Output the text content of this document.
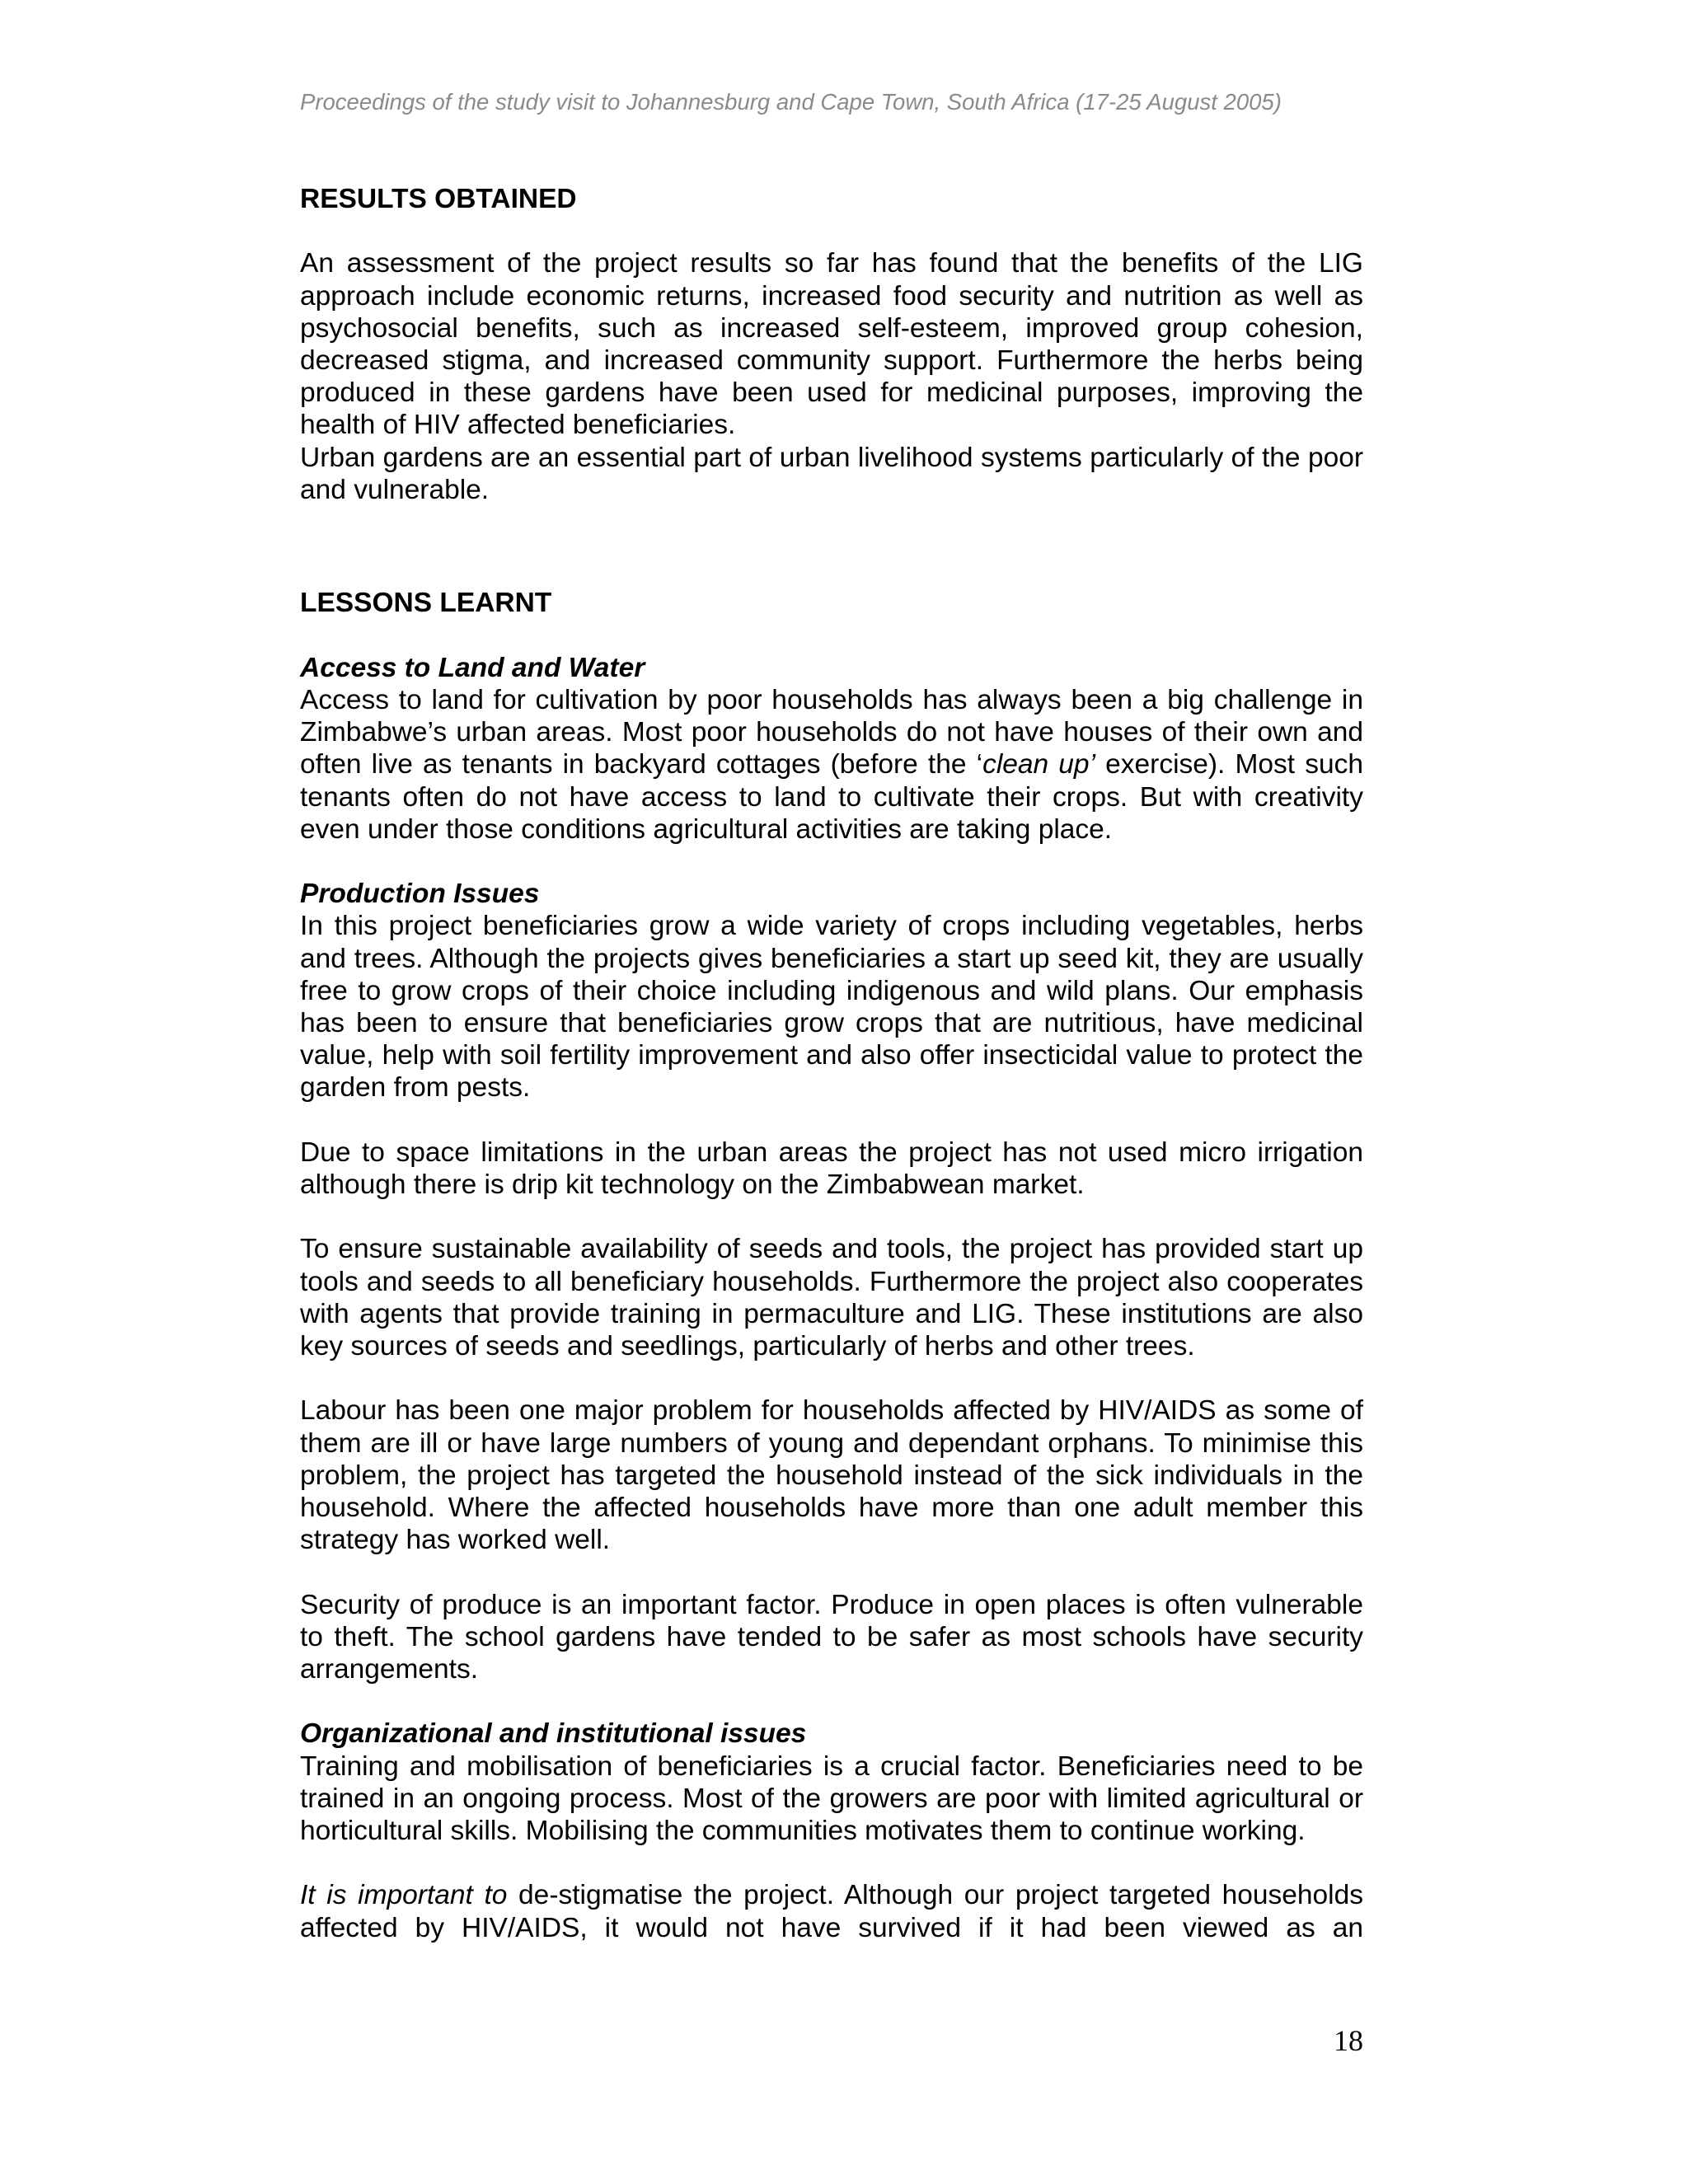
Proceedings of the study visit to Johannesburg and Cape Town, South Africa (17-25 August 2005)

RESULTS OBTAINED

An assessment of the project results so far has found that the benefits of the LIG approach include economic returns, increased food security and nutrition as well as psychosocial benefits, such as increased self-esteem, improved group cohesion, decreased stigma, and increased community support. Furthermore the herbs being produced in these gardens have been used for medicinal purposes, improving the health of HIV affected beneficiaries.

Urban gardens are an essential part of urban livelihood systems particularly of the poor and vulnerable.

LESSONS LEARNT

Access to Land and Water

Access to land for cultivation by poor households has always been a big challenge in Zimbabwe’s urban areas. Most poor households do not have houses of their own and often live as tenants in backyard cottages (before the ‘clean up’ exercise). Most such tenants often do not have access to land to cultivate their crops. But with creativity even under those conditions agricultural activities are taking place.

Production Issues

In this project beneficiaries grow a wide variety of crops including vegetables, herbs and trees. Although the projects gives beneficiaries a start up seed kit, they are usually free to grow crops of their choice including indigenous and wild plans. Our emphasis has been to ensure that beneficiaries grow crops that are nutritious, have medicinal value, help with soil fertility improvement and also offer insecticidal value to protect the garden from pests.

Due to space limitations in the urban areas the project has not used micro irrigation although there is drip kit technology on the Zimbabwean market.

To ensure sustainable availability of seeds and tools, the project has provided start up tools and seeds to all beneficiary households. Furthermore the project also cooperates with agents that provide training in permaculture and LIG. These institutions are also key sources of seeds and seedlings, particularly of herbs and other trees.

Labour has been one major problem for households affected by HIV/AIDS as some of them are ill or have large numbers of young and dependant orphans. To minimise this problem, the project has targeted the household instead of the sick individuals in the household. Where the affected households have more than one adult member this strategy has worked well.

Security of produce is an important factor. Produce in open places is often vulnerable to theft. The school gardens have tended to be safer as most schools have security arrangements.

Organizational and institutional issues

Training and mobilisation of beneficiaries is a crucial factor. Beneficiaries need to be trained in an ongoing process. Most of the growers are poor with limited agricultural or horticultural skills. Mobilising the communities motivates them to continue working.

It is important to de-stigmatise the project. Although our project targeted households affected by HIV/AIDS, it would not have survived if it had been viewed as an

18
